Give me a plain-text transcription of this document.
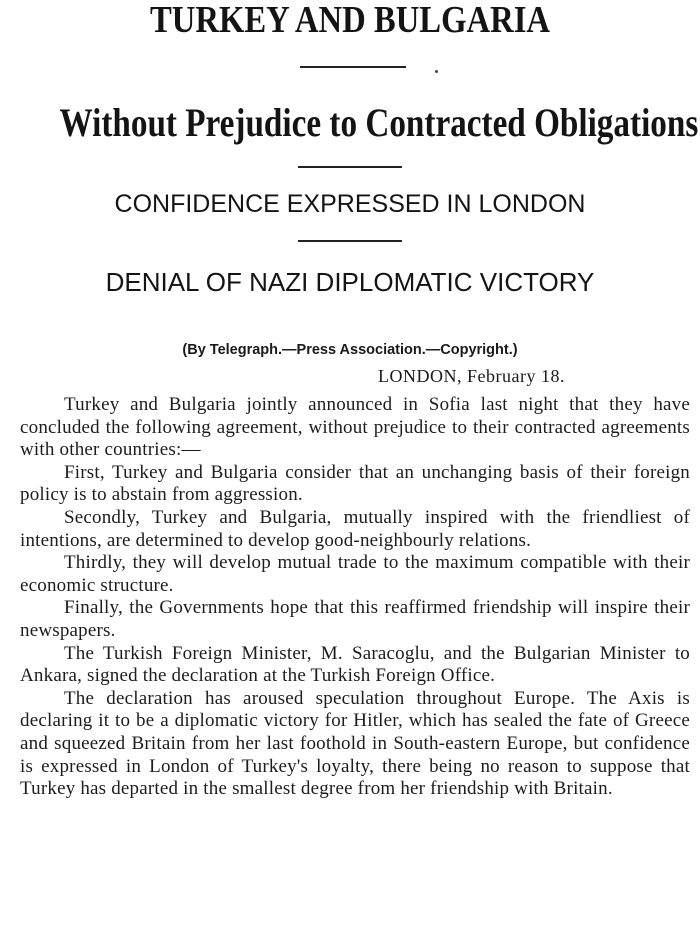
TURKEY AND BULGARIA
Without Prejudice to Contracted Obligations
CONFIDENCE EXPRESSED IN LONDON
DENIAL OF NAZI DIPLOMATIC VICTORY

(By Telegraph.—Press Association.—Copyright.)

LONDON, February 18.

Turkey and Bulgaria jointly announced in Sofia last night that they have concluded the following agreement, without prejudice to their contracted agreements with other countries:—

First, Turkey and Bulgaria consider that an unchanging basis of their foreign policy is to abstain from aggression.

Secondly, Turkey and Bulgaria, mutually inspired with the friendliest of intentions, are determined to develop good-neighbourly relations.

Thirdly, they will develop mutual trade to the maximum compatible with their economic structure.

Finally, the Governments hope that this reaffirmed friendship will inspire their newspapers.

The Turkish Foreign Minister, M. Saracoglu, and the Bulgarian Minister to Ankara, signed the declaration at the Turkish Foreign Office.

The declaration has aroused speculation throughout Europe. The Axis is declaring it to be a diplomatic victory for Hitler, which has sealed the fate of Greece and squeezed Britain from her last foothold in South-eastern Europe, but confidence is expressed in London of Turkey's loyalty, there being no reason to suppose that Turkey has departed in the smallest degree from her friendship with Britain.
